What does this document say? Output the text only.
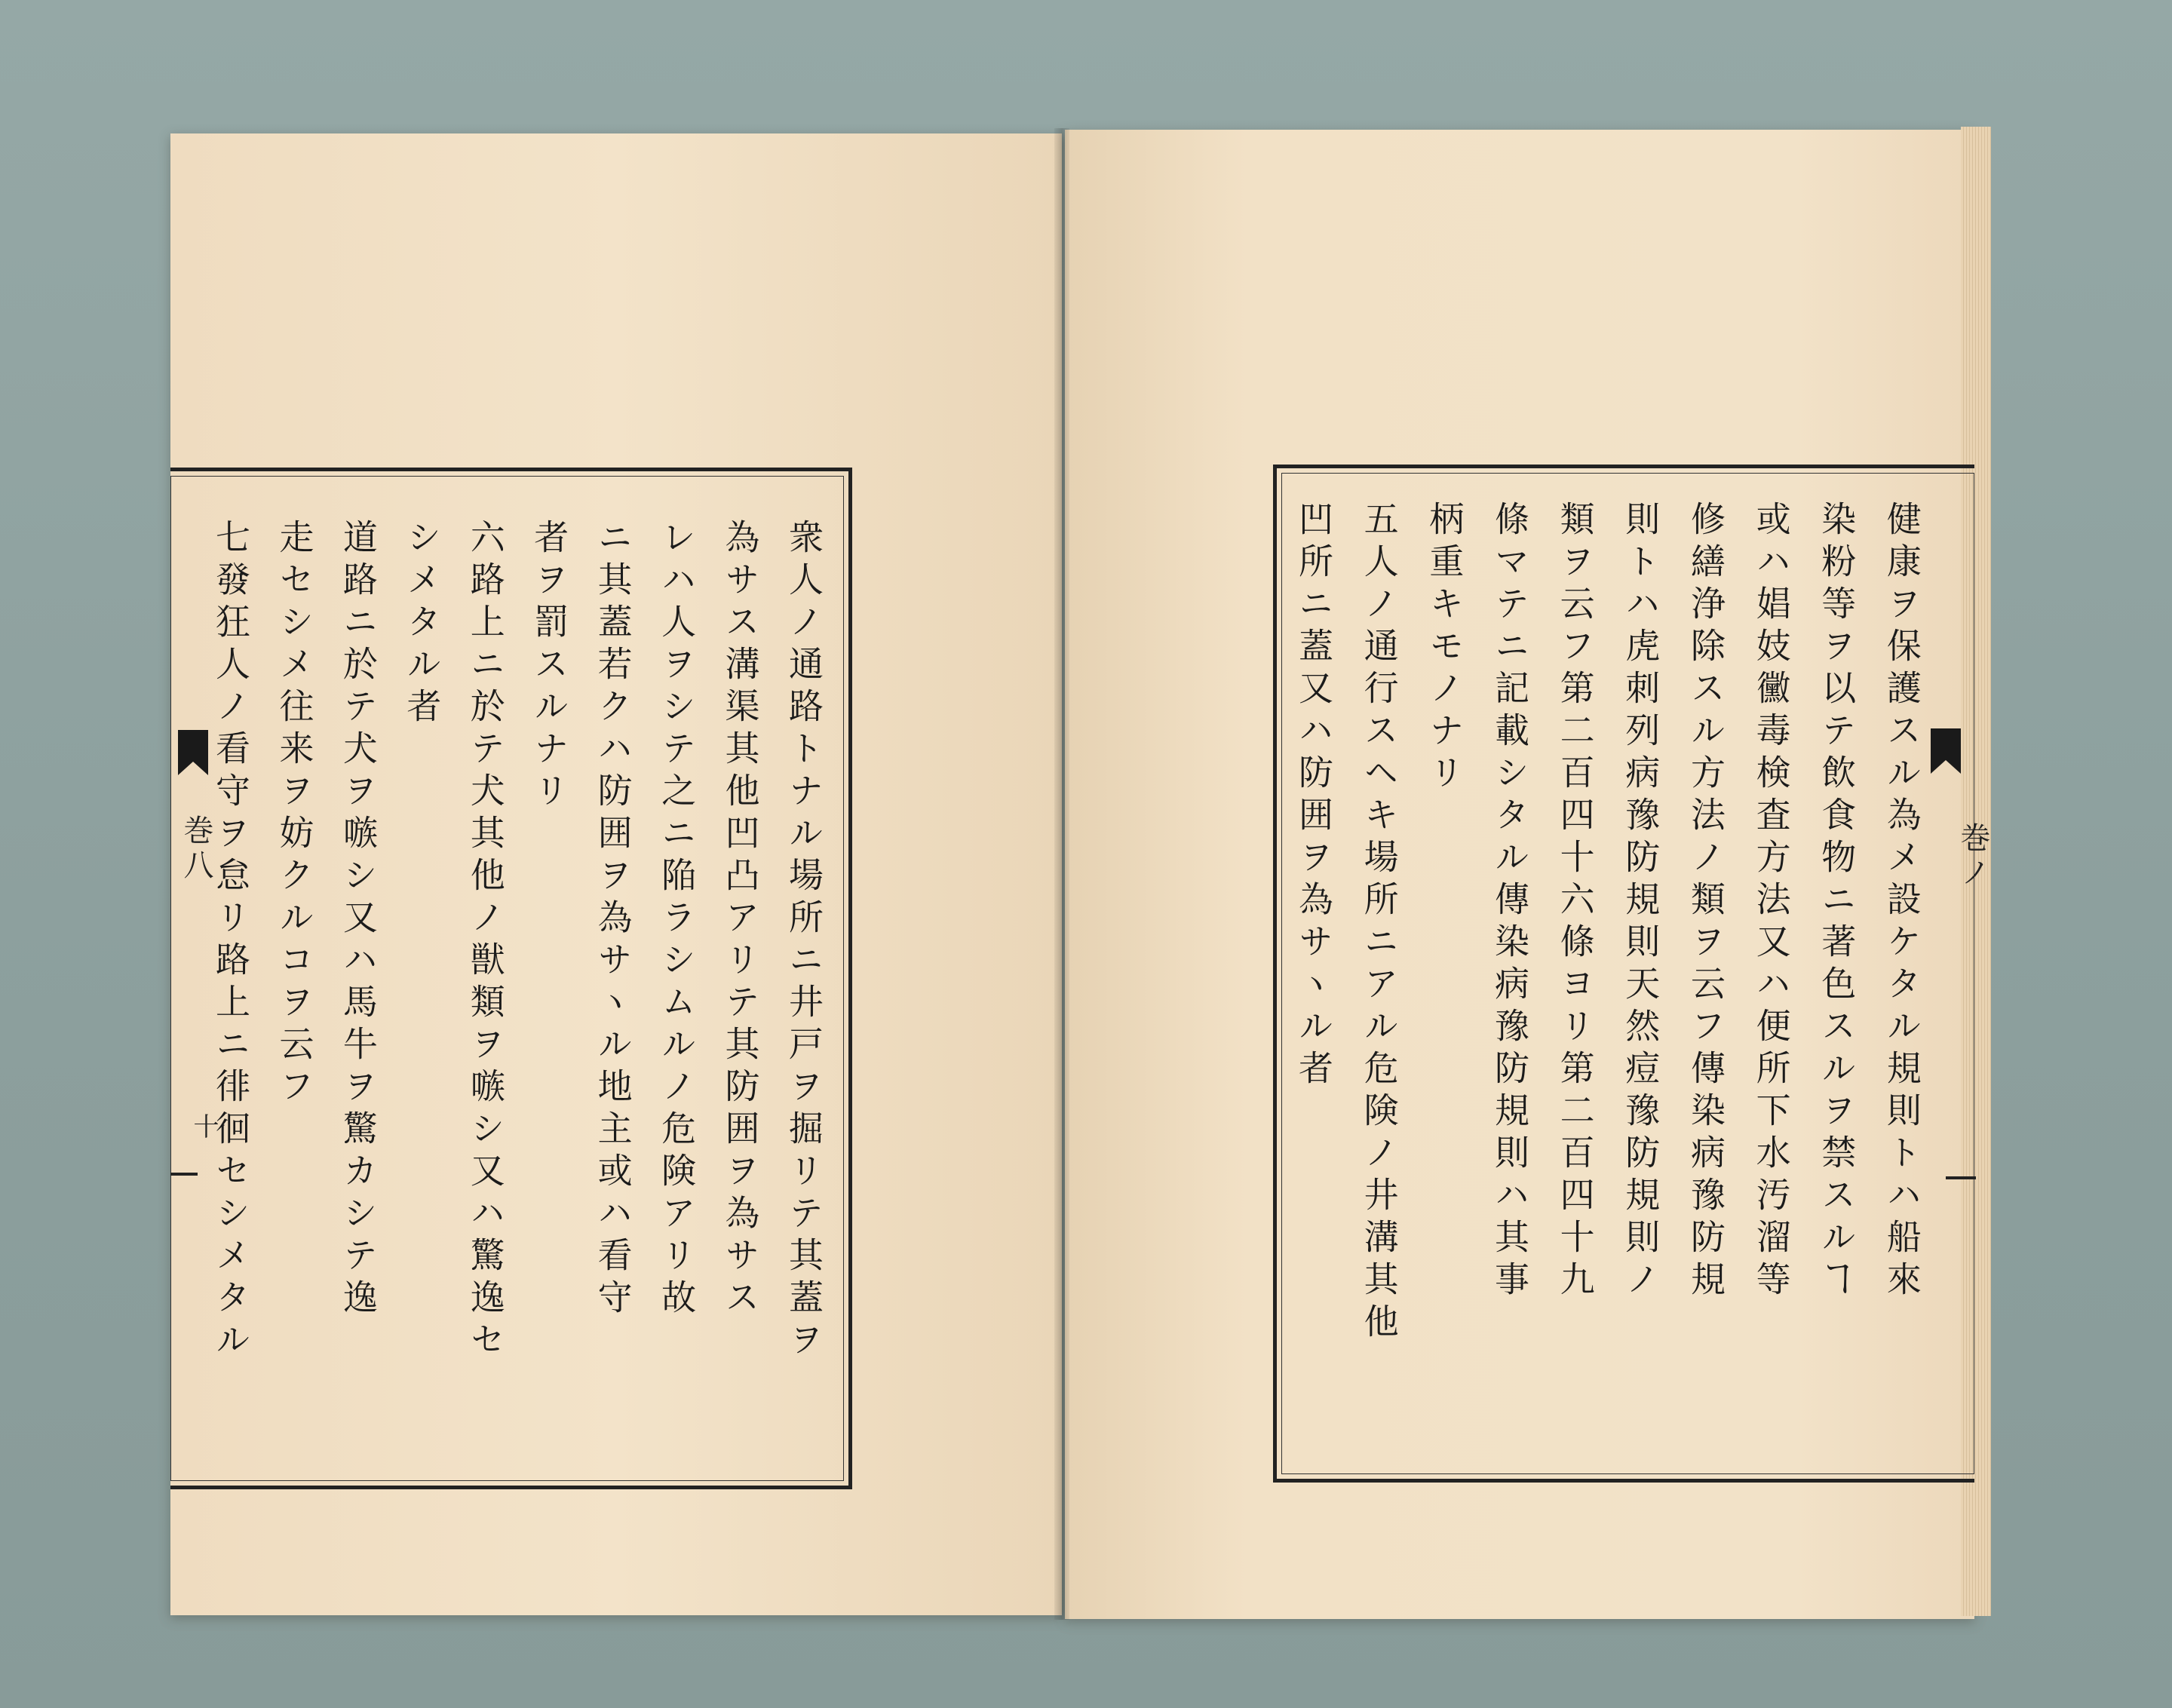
巻八
十
巻ノ
衆人ノ通路トナル場所ニ井戸ヲ掘リテ其蓋ヲ
為サス溝渠其他凹凸アリテ其防囲ヲ為サス
レハ人ヲシテ之ニ陥ラシムルノ危険アリ故
ニ其蓋若クハ防囲ヲ為サヽル地主或ハ看守
者ヲ罰スルナリ
六路上ニ於テ犬其他ノ獣類ヲ嗾シ又ハ驚逸セ
シメタル者
道路ニ於テ犬ヲ嗾シ又ハ馬牛ヲ驚カシテ逸
走セシメ往来ヲ妨クルコヲ云フ
七發狂人ノ看守ヲ怠リ路上ニ徘徊セシメタル	健康ヲ保護スル為メ設ケタル規則トハ船來
染粉等ヲ以テ飲食物ニ著色スルヲ禁スルヿ
或ハ娼妓黴毒検査方法又ハ便所下水汚溜等
修繕浄除スル方法ノ類ヲ云フ傳染病豫防規
則トハ虎刺列病豫防規則天然痘豫防規則ノ
類ヲ云フ第二百四十六條ヨリ第二百四十九
條マテニ記載シタル傳染病豫防規則ハ其事
柄重キモノナリ
五人ノ通行スヘキ場所ニアル危険ノ井溝其他
凹所ニ蓋又ハ防囲ヲ為サヽル者
